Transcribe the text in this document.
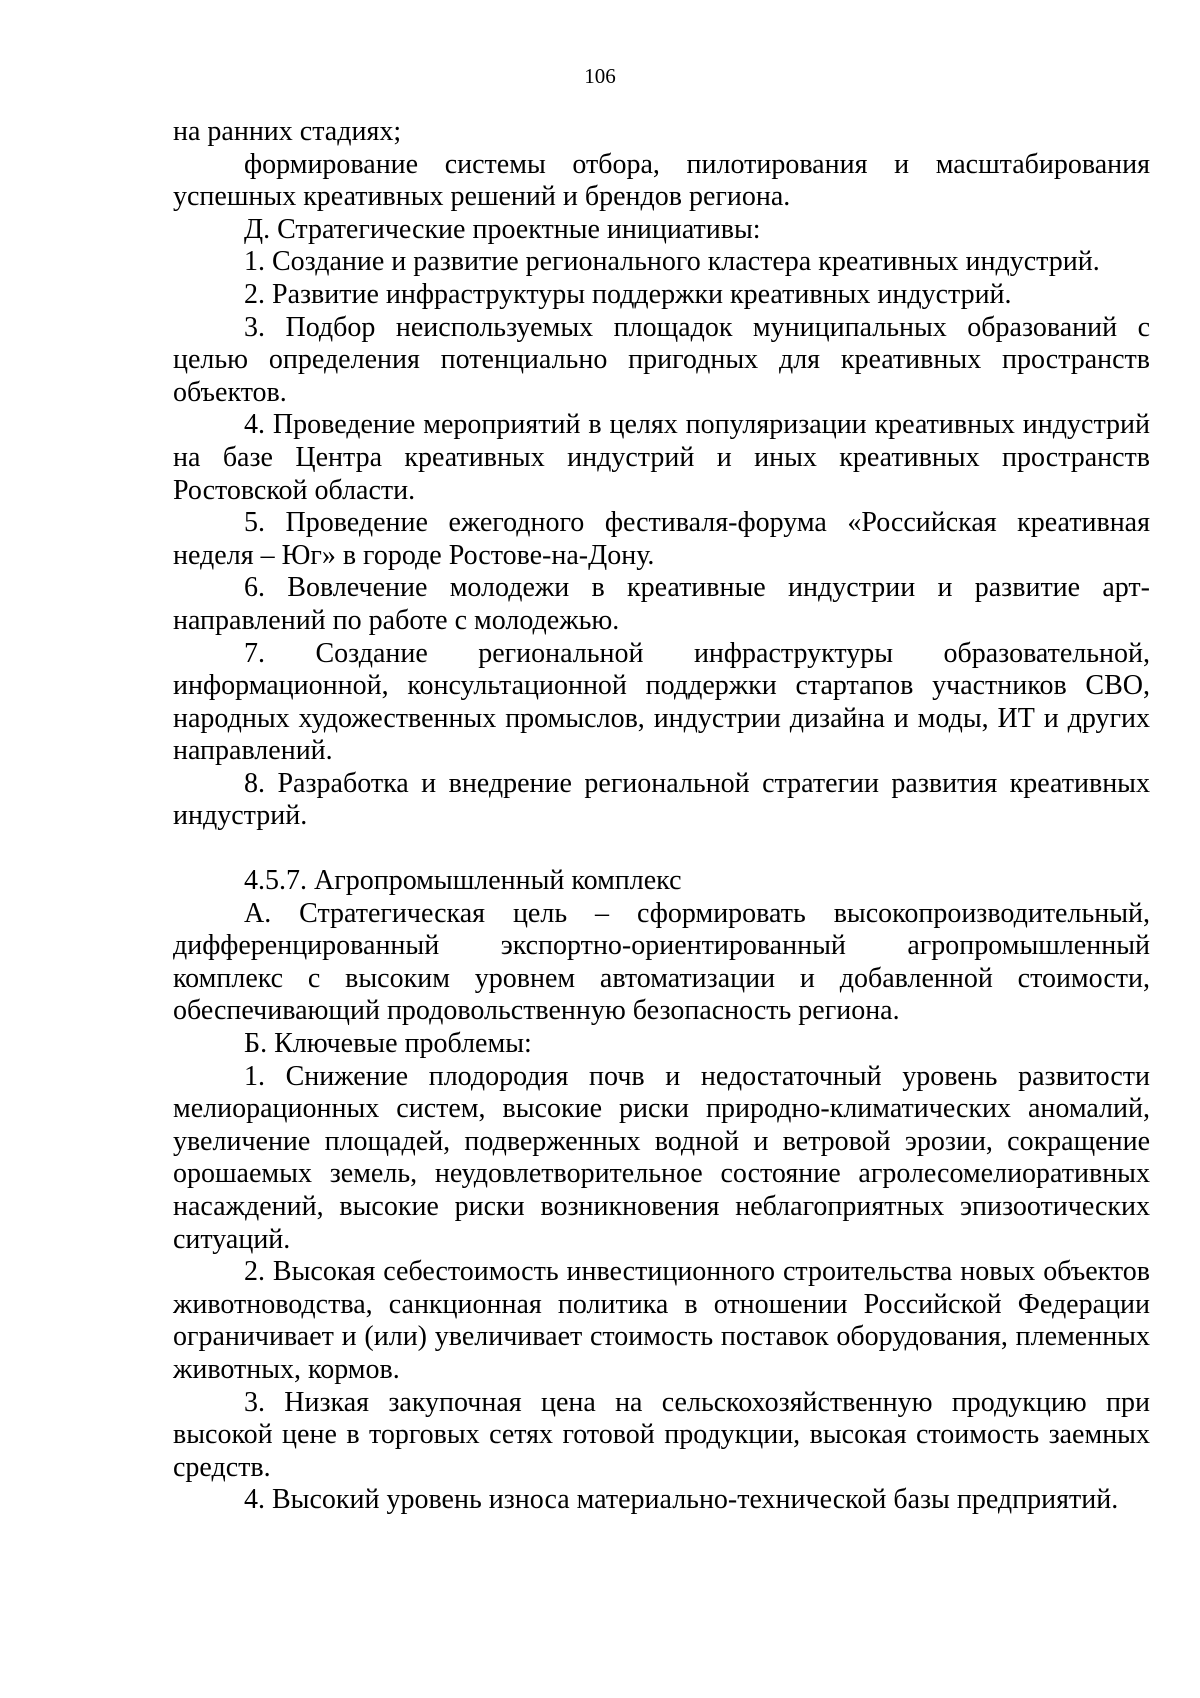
106

на ранних стадиях;

формирование системы отбора, пилотирования и масштабирования успешных креативных решений и брендов региона.

Д. Стратегические проектные инициативы:

1. Создание и развитие регионального кластера креативных индустрий.

2. Развитие инфраструктуры поддержки креативных индустрий.

3. Подбор неиспользуемых площадок муниципальных образований с целью определения потенциально пригодных для креативных пространств объектов.

4. Проведение мероприятий в целях популяризации креативных индустрий на базе Центра креативных индустрий и иных креативных пространств Ростовской области.

5. Проведение ежегодного фестиваля-форума «Российская креативная неделя – Юг» в городе Ростове-на-Дону.

6. Вовлечение молодежи в креативные индустрии и развитие арт-направлений по работе с молодежью.

7. Создание региональной инфраструктуры образовательной, информационной, консультационной поддержки стартапов участников СВО, народных художественных промыслов, индустрии дизайна и моды, ИТ и других направлений.

8. Разработка и внедрение региональной стратегии развития креативных индустрий.

4.5.7. Агропромышленный комплекс

А. Стратегическая цель – сформировать высокопроизводительный, дифференцированный экспортно-ориентированный агропромышленный комплекс с высоким уровнем автоматизации и добавленной стоимости, обеспечивающий продовольственную безопасность региона.

Б. Ключевые проблемы:

1. Снижение плодородия почв и недостаточный уровень развитости мелиорационных систем, высокие риски природно-климатических аномалий, увеличение площадей, подверженных водной и ветровой эрозии, сокращение орошаемых земель, неудовлетворительное состояние агролесомелиоративных насаждений, высокие риски возникновения неблагоприятных эпизоотических ситуаций.

2. Высокая себестоимость инвестиционного строительства новых объектов животноводства, санкционная политика в отношении Российской Федерации ограничивает и (или) увеличивает стоимость поставок оборудования, племенных животных, кормов.

3. Низкая закупочная цена на сельскохозяйственную продукцию при высокой цене в торговых сетях готовой продукции, высокая стоимость заемных средств.

4. Высокий уровень износа материально-технической базы предприятий.
